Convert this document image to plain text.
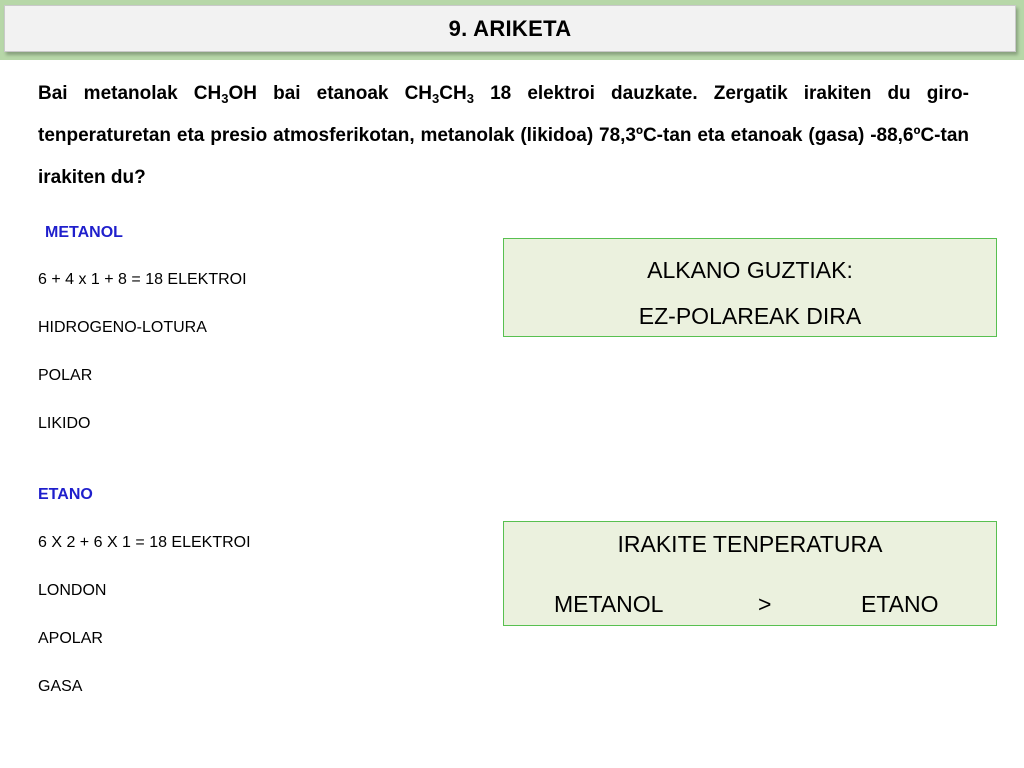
9. ARIKETA

Bai metanolak $CH_3OH$ bai etanoak $CH_3CH_3$ 18 elektroi dauzkate. Zergatik irakiten du giro-tenperaturetan eta presio atmosferikotan, metanolak (likidoa) 78,3ºC-tan eta etanoak (gasa) -88,6ºC-tan irakiten du?

METANOL
6 + 4 x 1 + 8 = 18 ELEKTROI
HIDROGENO-LOTURA
POLAR
LIKIDO
ETANO
6 X 2 + 6 X 1 = 18 ELEKTROI
LONDON
APOLAR
GASA
ALKANO GUZTIAK:
EZ-POLAREAK DIRA
IRAKITE TENPERATURA
METANOL	>	ETANO
